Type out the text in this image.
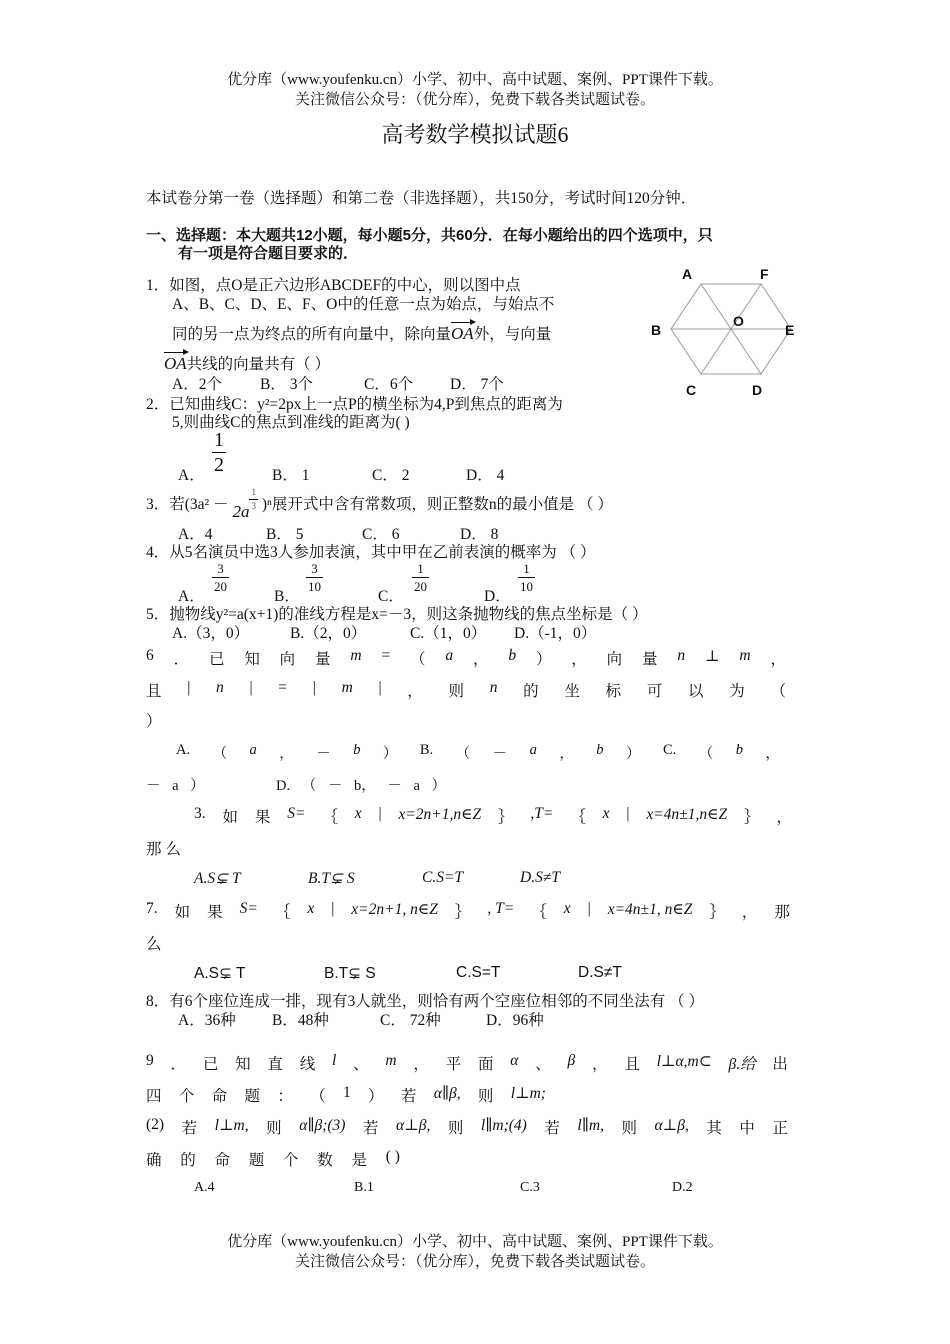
优分库（www.youfenku.cn）小学、初中、高中试题、案例、PPT课件下载。
关注微信公众号：（优分库），免费下载各类试题试卷。
高考数学模拟试题6
本试卷分第一卷（选择题）和第二卷（非选择题），共150分，考试时间120分钟．
一、选择题：本大题共12小题，每小题5分，共60分．在每小题给出的四个选项中，只
有一项是符合题目要求的．
A	F
B
O
E
C	D
1．如图，点O是正六边形ABCDEF的中心，则以图中点
A、B、C、D、E、F、O中的任意一点为始点，与始点不
同的另一点为终点的所有向量中，除向量OA外，与向量
OA共线的向量共有（ ）
A．2个 B． 3个	C．6个 D． 7个
2．已知曲线C：y²=2px上一点P的横坐标为4,P到焦点的距离为
5,则曲线C的焦点到准线的距离为( )
A．
$\frac{1}{2}$
B． 1	C． 2	D． 4
3．若(3a² － 2a
$\frac{1}{3} )^n$展开式中含有常数项，则正整数n的最小值是 （ ）
A．4	B． 5	C． 6	D． 8
4．从5名演员中选3人参加表演，其中甲在乙前表演的概率为 （ ）
A．
$\frac{3}{20}$
B．
$\frac{3}{10}$
C．
$\frac{1}{20}$
D．
$\frac{1}{10}$
5．抛物线y²=a(x+1)的准线方程是x=－3，则这条抛物线的焦点坐标是（ ）
A.（3，0）	B.（2，0）	C.（1，0） D.（-1，0）
6 ． 已 知 向 量 m = （ a ， b ） ， 向 量 n ⊥ m ，
且 | n | = | m | ， 则 n 的 坐 标 可 以 为 （
）
A. （ a ， － b ） B. （ － a ， b ） C. （ b ，
－ a ）	D. （ － b， － a ）
3. 如 果 S= ｛ x | x=2n+1,n∈Z ｝ ,T= ｛ x | x=4n±1,n∈Z ｝ ，
那 么
A.S⊊ T	B.T⊊ S	C.S=T	D.S≠T
7. 如 果 S= ｛ x | x=2n+1, n∈Z ｝ , T= ｛ x | x=4n±1, n∈Z ｝ ， 那
么
A.S⊊ T	B.T⊊ S	C.S=T	D.S≠T
8．有6个座位连成一排，现有3人就坐，则恰有两个空座位相邻的不同坐法有 （ ）
A．36种 B．48种	C． 72种	D．96种
9 ． 已 知 直 线 l 、 m ， 平 面 α 、 β ， 且 l⊥α,m⊂ β.给 出
四 个 命 题 ： （ 1 ） 若 α∥β, 则 l⊥m;
(2) 若 l⊥m, 则 α∥β;(3) 若 α⊥β, 则 l∥m;(4) 若 l∥m, 则 α⊥β, 其 中 正
确 的 命 题 个 数 是 ( )
A.4	B.1	C.3	D.2
优分库（www.youfenku.cn）小学、初中、高中试题、案例、PPT课件下载。
关注微信公众号：（优分库），免费下载各类试题试卷。
